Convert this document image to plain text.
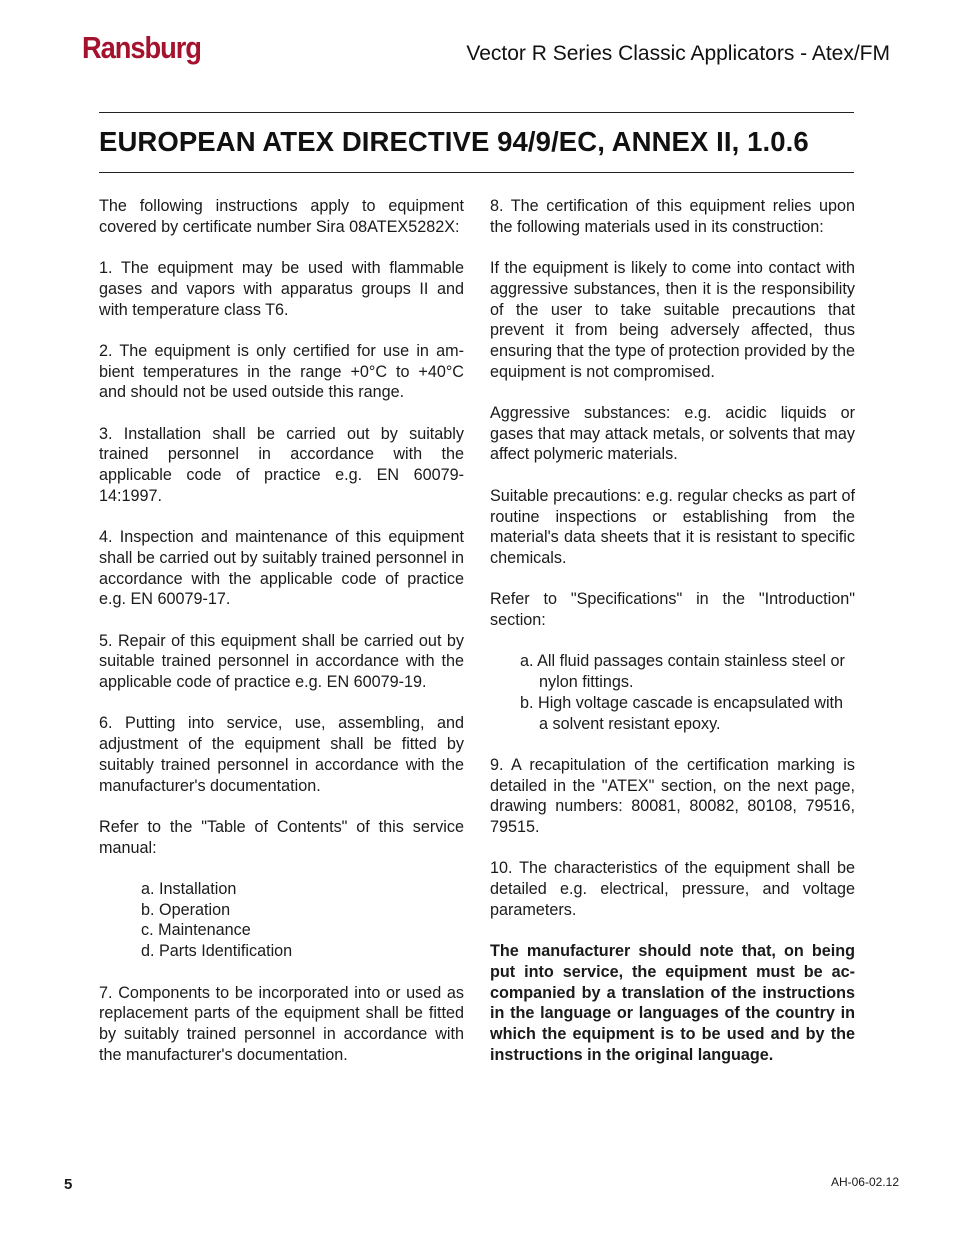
Ransburg	Vector R Series Classic Applicators - Atex/FM
EUROPEAN ATEX DIRECTIVE 94/9/EC, ANNEX II, 1.0.6

The following instructions apply to equipment covered by certificate number Sira 08ATEX5282X:

1. The equipment may be used with flammable gases and vapors with apparatus groups II and with temperature class T6.

2. The equipment is only certified for use in am-bient temperatures in the range +0°C to +40°C and should not be used outside this range.

3. Installation shall be carried out by suitably trained personnel in accordance with the applicable code of practice e.g. EN 60079-14:1997.

4. Inspection and maintenance of this equipment shall be carried out by suitably trained personnel in accordance with the applicable code of practice e.g. EN 60079-17.

5. Repair of this equipment shall be carried out by suitable trained personnel in accordance with the applicable code of practice e.g. EN 60079-19.

6. Putting into service, use, assembling, and adjustment of the equipment shall be fitted by suitably trained personnel in accordance with the manufacturer's documentation.

Refer to the "Table of Contents" of this service manual:

a. Installation
b. Operation
c. Maintenance
d. Parts Identification

7. Components to be incorporated into or used as replacement parts of the equipment shall be fitted by suitably trained personnel in accordance with the manufacturer's documentation.

8. The certification of this equipment relies upon the following materials used in its construction:

If the equipment is likely to come into contact with aggressive substances, then it is the responsibility of the user to take suitable precautions that prevent it from being adversely affected, thus ensuring that the type of protection provided by the equipment is not compromised.

Aggressive substances: e.g. acidic liquids or gases that may attack metals, or solvents that may affect polymeric materials.

Suitable precautions: e.g. regular checks as part of routine inspections or establishing from the material's data sheets that it is resistant to specific chemicals.

Refer to "Specifications" in the "Introduction" section:

a. All fluid passages contain stainless steel or nylon fittings.
b. High voltage cascade is encapsulated with a solvent resistant epoxy.

9. A recapitulation of the certification marking is detailed in the "ATEX" section, on the next page, drawing numbers: 80081, 80082, 80108, 79516, 79515.

10. The characteristics of the equipment shall be detailed e.g. electrical, pressure, and voltage parameters.

The manufacturer should note that, on being put into service, the equipment must be ac-companied by a translation of the instructions in the language or languages of the country in which the equipment is to be used and by the instructions in the original language.

5	AH-06-02.12
